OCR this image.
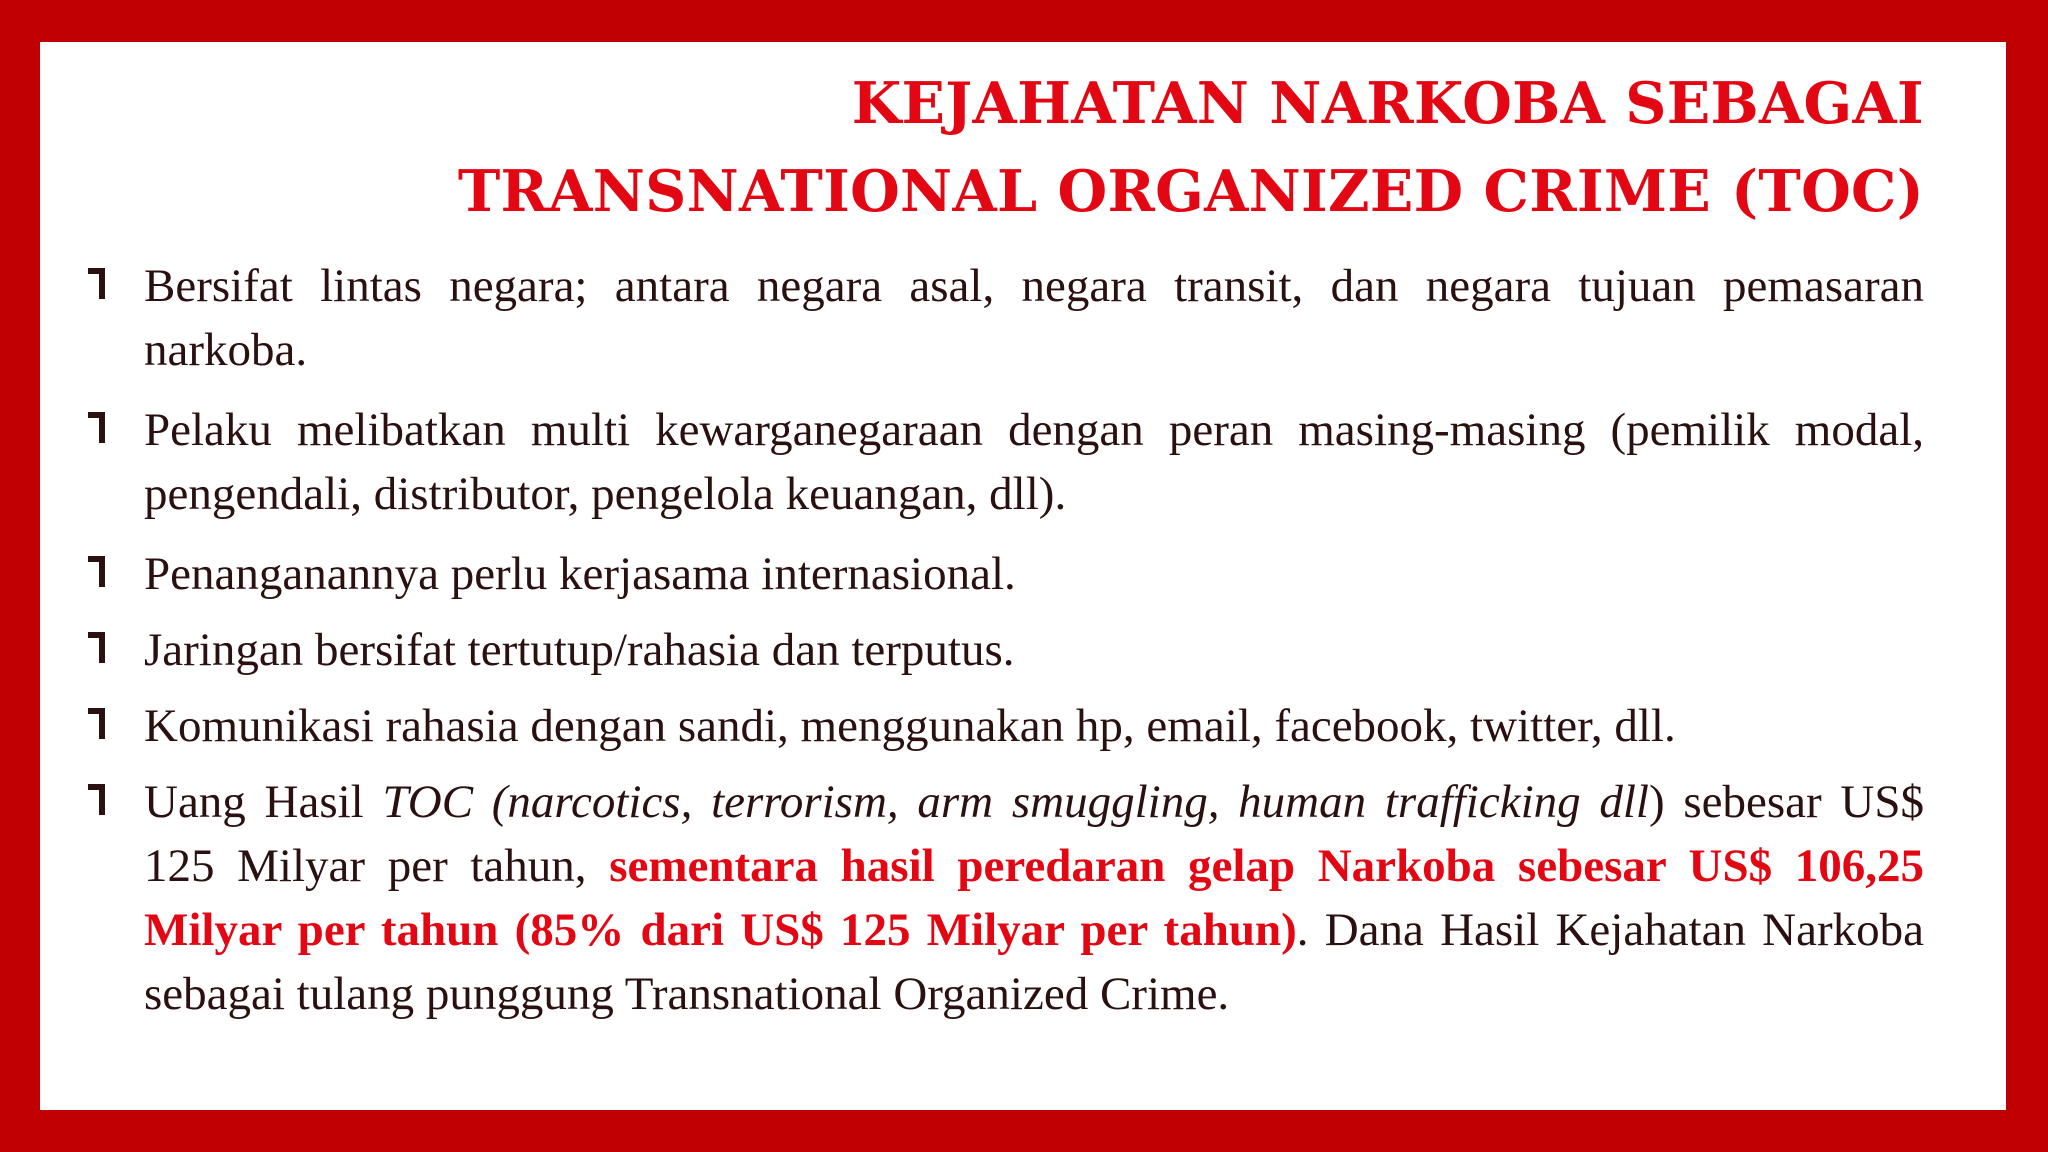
KEJAHATAN NARKOBA SEBAGAI
TRANSNATIONAL ORGANIZED CRIME (TOC)
Bersifat lintas negara; antara negara asal, negara transit, dan negara tujuan pemasaran narkoba.
Pelaku melibatkan multi kewarganegaraan dengan peran masing-masing (pemilik modal, pengendali, distributor, pengelola keuangan, dll).
Penanganannya perlu kerjasama internasional.
Jaringan bersifat tertutup/rahasia dan terputus.
Komunikasi rahasia dengan sandi, menggunakan hp, email, facebook, twitter, dll.
Uang Hasil TOC (narcotics, terrorism, arm smuggling, human trafficking dll) sebesar US$ 125 Milyar per tahun, sementara hasil peredaran gelap Narkoba sebesar US$ 106,25 Milyar per tahun (85% dari US$ 125 Milyar per tahun). Dana Hasil Kejahatan Narkoba sebagai tulang punggung Transnational Organized Crime.
